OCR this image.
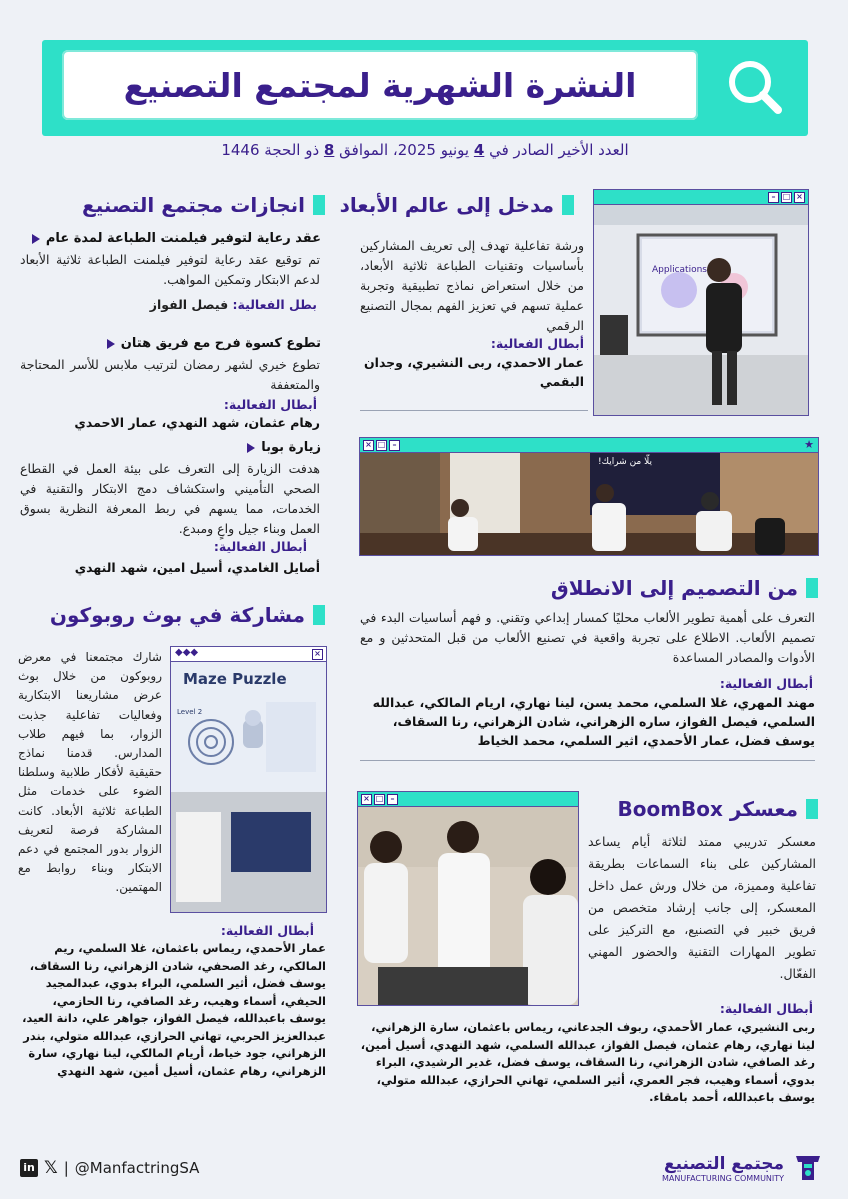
النشرة الشهرية لمجتمع التصنيع
العدد الأخير الصادر في 4 يونيو 2025، الموافق 8 ذو الحجة 1446
مدخل إلى عالم الأبعاد
ورشة تفاعلية تهدف إلى تعريف المشاركين بأساسيات وتقنيات الطباعة ثلاثية الأبعاد، من خلال استعراض نماذج تطبيقية وتجربة عملية تسهم في تعزيز الفهم بمجال التصنيع الرقمي
أبطال الفعالية:
عمار الاحمدي، ربى النشيري، وجدان البقمي
×
□
–
Applications
انجازات مجتمع التصنيع
عقد رعاية لتوفير فيلمنت الطباعة لمدة عام
تم توقيع عقد رعاية لتوفير فيلمنت الطباعة ثلاثية الأبعاد لدعم الابتكار وتمكين المواهب.
بطل الفعالية: فيصل الفواز
تطوع كسوة فرح مع فريق هتان
تطوع خيري لشهر رمضان لترتيب ملابس للأسر المحتاجة والمتعففة
أبطال الفعالية:
رهام عثمان، شهد النهدي، عمار الاحمدي
زيارة بوبا
هدفت الزيارة إلى التعرف على بيئة العمل في القطاع الصحي التأميني واستكشاف دمج الابتكار والتقنية في الخدمات، مما يسهم في ربط المعرفة النظرية بسوق العمل وبناء جيل واعٍ ومبدع.
أبطال الفعالية:
أصايل الغامدي، أسيل امين، شهد النهدي
× □ –	★
يلّا من شرايك!
من التصميم إلى الانطلاق
التعرف على أهمية تطوير الألعاب محليًا كمسار إبداعي وتقني. و فهم أساسيات البدء في تصميم الألعاب. الاطلاع على تجربة واقعية في تصنيع الألعاب من قبل المتحدثين و مع الأدوات والمصادر المساعدة
أبطال الفعالية:
مهند المهري، غلا السلمي، محمد يسن، لينا نهاري، اريام المالكي، عبدالله السلمي، فيصل الفواز، ساره الزهراني، شادن الزهراني، رنا السقاف، يوسف فضل، عمار الأحمدي، اثير السلمي، محمد الخياط
مشاركة في بوث روبوكون
◆◆◆	×
Maze Puzzle
Level 2
شارك مجتمعنا في معرض روبوكون من خلال بوث عرض مشاريعنا الابتكارية وفعاليات تفاعلية جذبت الزوار، بما فيهم طلاب المدارس. قدمنا نماذج حقيقية لأفكار طلابية وسلطنا الضوء على خدمات مثل الطباعة ثلاثية الأبعاد. كانت المشاركة فرصة لتعريف الزوار بدور المجتمع في دعم الابتكار وبناء روابط مع المهتمين.
أبطال الفعالية:
عمار الأحمدي، ريماس باعثمان، غلا السلمي، ريم المالكي، رغد الصحفي، شادن الزهراني، رنا السقاف، يوسف فضل، أثير السلمي، البراء بدوي، عبدالمجيد الحيفي، أسماء وهيب، رغد الصافي، رنا الحازمي، يوسف باعبدالله، فيصل الفواز، جواهر علي، دانة العيد، عبدالعزيز الحربي، تهاني الحرازي، عبدالله متولي، بندر الزهراني، جود خياط، أريام المالكي، لينا نهاري، سارة الزهراني، رهام عثمان، أسيل أمين، شهد النهدي
× □ –	معسكر BoomBox
معسكر تدريبي ممتد لثلاثة أيام يساعد المشاركين على بناء السماعات بطريقة تفاعلية ومميزة، من خلال ورش عمل داخل المعسكر، إلى جانب إرشاد متخصص من فريق خبير في التصنيع، مع التركيز على تطوير المهارات التقنية والحضور المهني الفعّال.
أبطال الفعالية:
ربى النشيري، عمار الأحمدي، ربوف الجدعاني، ريماس باعثمان، سارة الزهراني، لينا نهاري، رهام عثمان، فيصل الفواز، عبدالله السلمي، شهد النهدي، أسيل أمين، رغد الصافي، شادن الزهراني، رنا السقاف، يوسف فضل، غدير الرشيدي، البراء بدوي، أسماء وهيب، فجر العمري، أثير السلمي، تهاني الحرازي، عبدالله متولي، يوسف باعبدالله، أحمد بامقاء.
in 𝕏 | @ManfactringSA	مجتمع التصنيع
MANUFACTURING COMMUNITY
